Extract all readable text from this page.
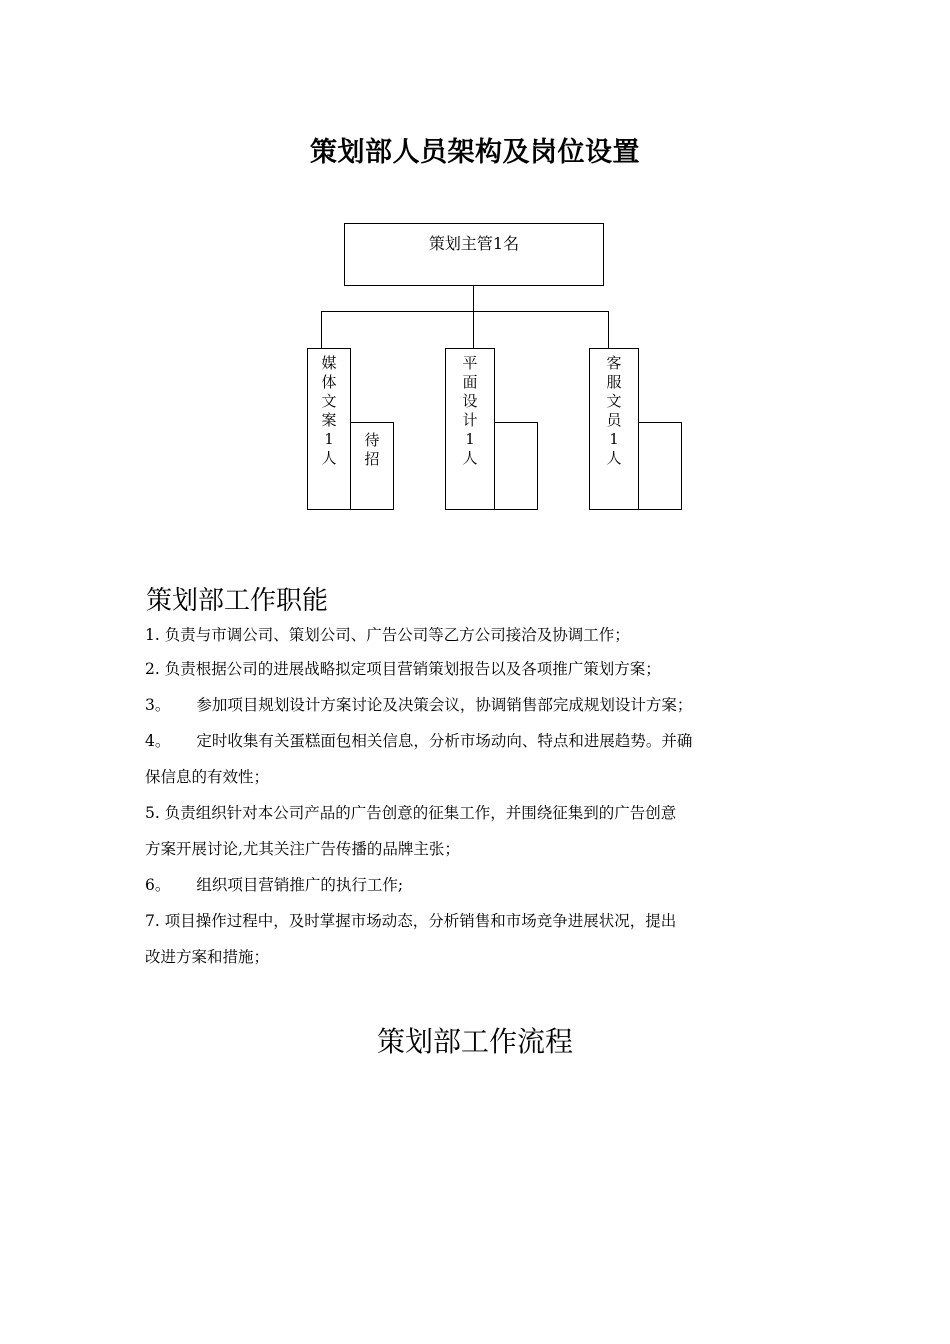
策划部人员架构及岗位设置
策划主管1名
媒
体
文
案
1
人
待
招
平
面
设
计
1
人
客
服
文
员
1
人
策划部工作职能
1. 负责与市调公司、策划公司、广告公司等乙方公司接洽及协调工作；
2. 负责根据公司的进展战略拟定项目营销策划报告以及各项推广策划方案；
3。 参加项目规划设计方案讨论及决策会议，协调销售部完成规划设计方案；
4。 定时收集有关蛋糕面包相关信息，分析市场动向、特点和进展趋势。并确
保信息的有效性；
5. 负责组织针对本公司产品的广告创意的征集工作，并围绕征集到的广告创意
方案开展讨论,尤其关注广告传播的品牌主张；
6。 组织项目营销推广的执行工作;
7. 项目操作过程中，及时掌握市场动态，分析销售和市场竞争进展状况，提出
改进方案和措施；
策划部工作流程
